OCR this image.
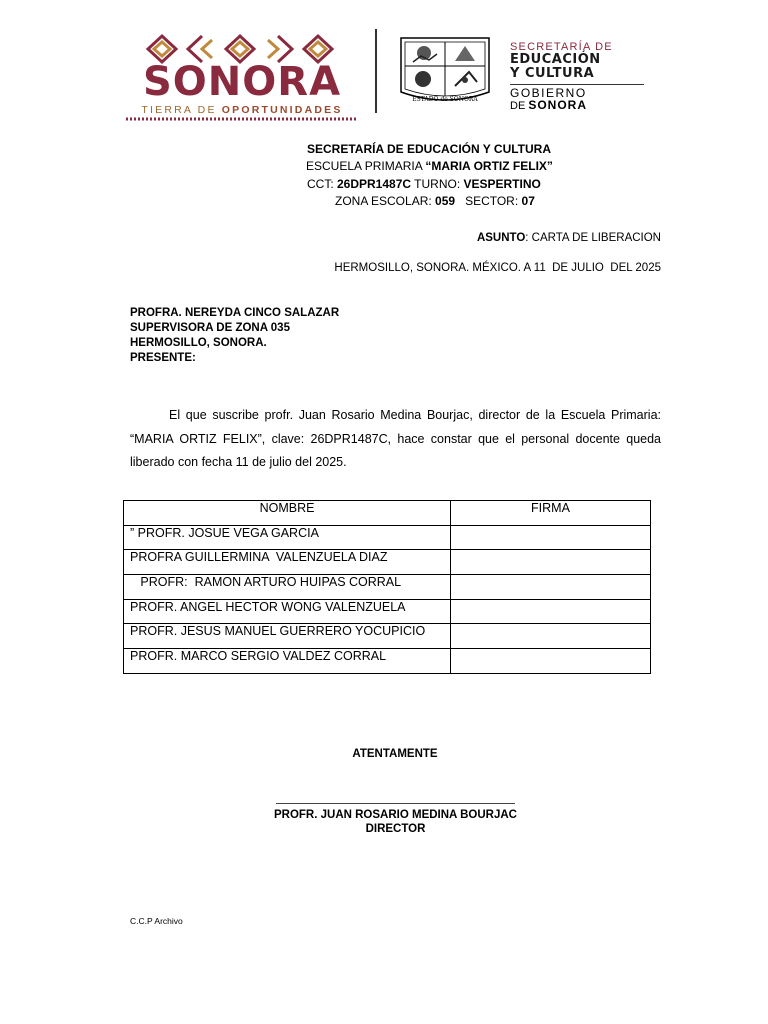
SONORA
TIERRA DE OPORTUNIDADES
ESTADO de SONORA
SECRETARÍA DE
EDUCACIÓN
Y CULTURA
GOBIERNO
DE SONORA
SECRETARÍA DE EDUCACIÓN Y CULTURA
ESCUELA PRIMARIA “MARIA ORTIZ FELIX”
CCT: 26DPR1487C TURNO: VESPERTINO
ZONA ESCOLAR: 059   SECTOR: 07
ASUNTO: CARTA DE LIBERACION
HERMOSILLO, SONORA. MÉXICO. A 11  DE JULIO  DEL 2025
PROFRA. NEREYDA CINCO SALAZAR
SUPERVISORA DE ZONA 035
HERMOSILLO, SONORA.
PRESENTE:
El que suscribe profr. Juan Rosario Medina Bourjac, director de la Escuela Primaria: “MARIA ORTIZ FELIX”, clave: 26DPR1487C, hace constar que el personal docente queda liberado con fecha 11 de julio del 2025.
NOMBRE	FIRMA
” PROFR. JOSUE VEGA GARCIA	
PROFRA GUILLERMINA  VALENZUELA DIAZ	
PROFR:  RAMON ARTURO HUIPAS CORRAL	
PROFR. ANGEL HECTOR WONG VALENZUELA	
PROFR. JESUS MANUEL GUERRERO YOCUPICIO	
PROFR. MARCO SERGIO VALDEZ CORRAL	
ATENTAMENTE
PROFR. JUAN ROSARIO MEDINA BOURJAC
DIRECTOR
C.C.P Archivo
